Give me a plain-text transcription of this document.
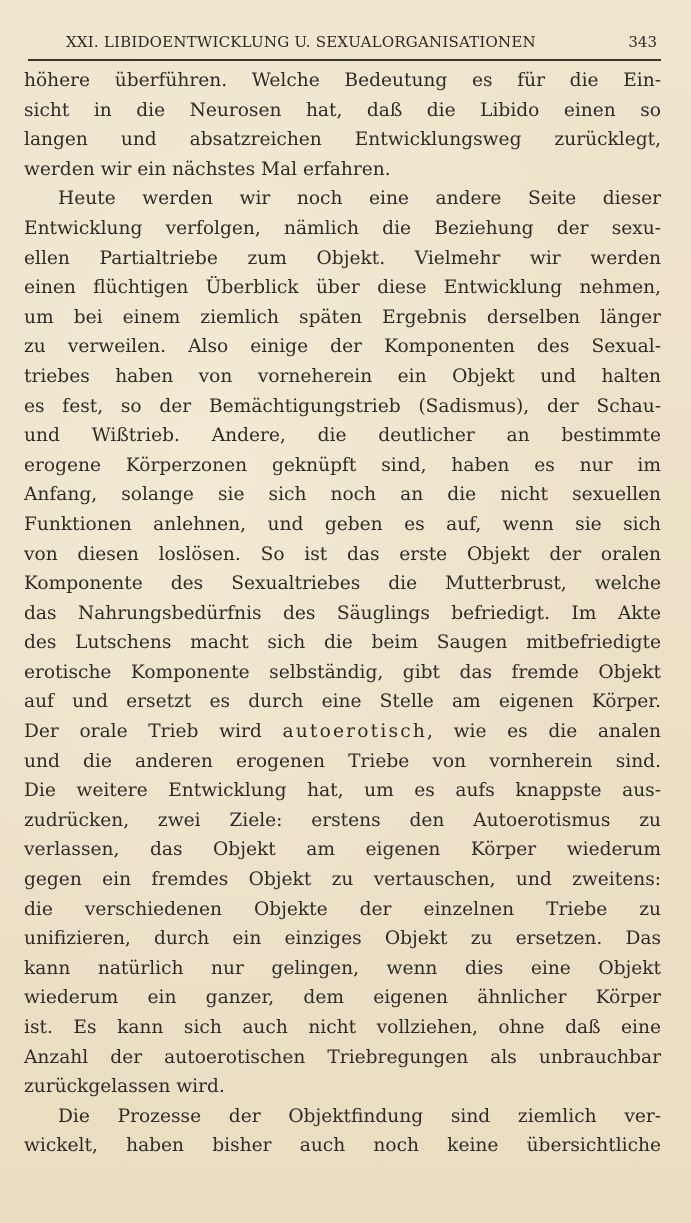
XXI. LIBIDOENTWICKLUNG U. SEXUALORGANISATIONEN	343
höhere überführen. Welche Bedeutung es für die Ein-
sicht in die Neurosen hat, daß die Libido einen so
langen und absatzreichen Entwicklungsweg zurücklegt,
werden wir ein nächstes Mal erfahren.
Heute werden wir noch eine andere Seite dieser
Entwicklung verfolgen, nämlich die Beziehung der sexu-
ellen Partialtriebe zum Objekt. Vielmehr wir werden
einen flüchtigen Überblick über diese Entwicklung nehmen,
um bei einem ziemlich späten Ergebnis derselben länger
zu verweilen. Also einige der Komponenten des Sexual-
triebes haben von vorneherein ein Objekt und halten
es fest, so der Bemächtigungstrieb (Sadismus), der Schau-
und Wißtrieb. Andere, die deutlicher an bestimmte
erogene Körperzonen geknüpft sind, haben es nur im
Anfang, solange sie sich noch an die nicht sexuellen
Funktionen anlehnen, und geben es auf, wenn sie sich
von diesen loslösen. So ist das erste Objekt der oralen
Komponente des Sexualtriebes die Mutterbrust, welche
das Nahrungsbedürfnis des Säuglings befriedigt. Im Akte
des Lutschens macht sich die beim Saugen mitbefriedigte
erotische Komponente selbständig, gibt das fremde Objekt
auf und ersetzt es durch eine Stelle am eigenen Körper.
Der orale Trieb wird autoerotisch, wie es die analen
und die anderen erogenen Triebe von vornherein sind.
Die weitere Entwicklung hat, um es aufs knappste aus-
zudrücken, zwei Ziele: erstens den Autoerotismus zu
verlassen, das Objekt am eigenen Körper wiederum
gegen ein fremdes Objekt zu vertauschen, und zweitens:
die verschiedenen Objekte der einzelnen Triebe zu
unifizieren, durch ein einziges Objekt zu ersetzen. Das
kann natürlich nur gelingen, wenn dies eine Objekt
wiederum ein ganzer, dem eigenen ähnlicher Körper
ist. Es kann sich auch nicht vollziehen, ohne daß eine
Anzahl der autoerotischen Triebregungen als unbrauchbar
zurückgelassen wird.
Die Prozesse der Objektfindung sind ziemlich ver-
wickelt, haben bisher auch noch keine übersichtliche
